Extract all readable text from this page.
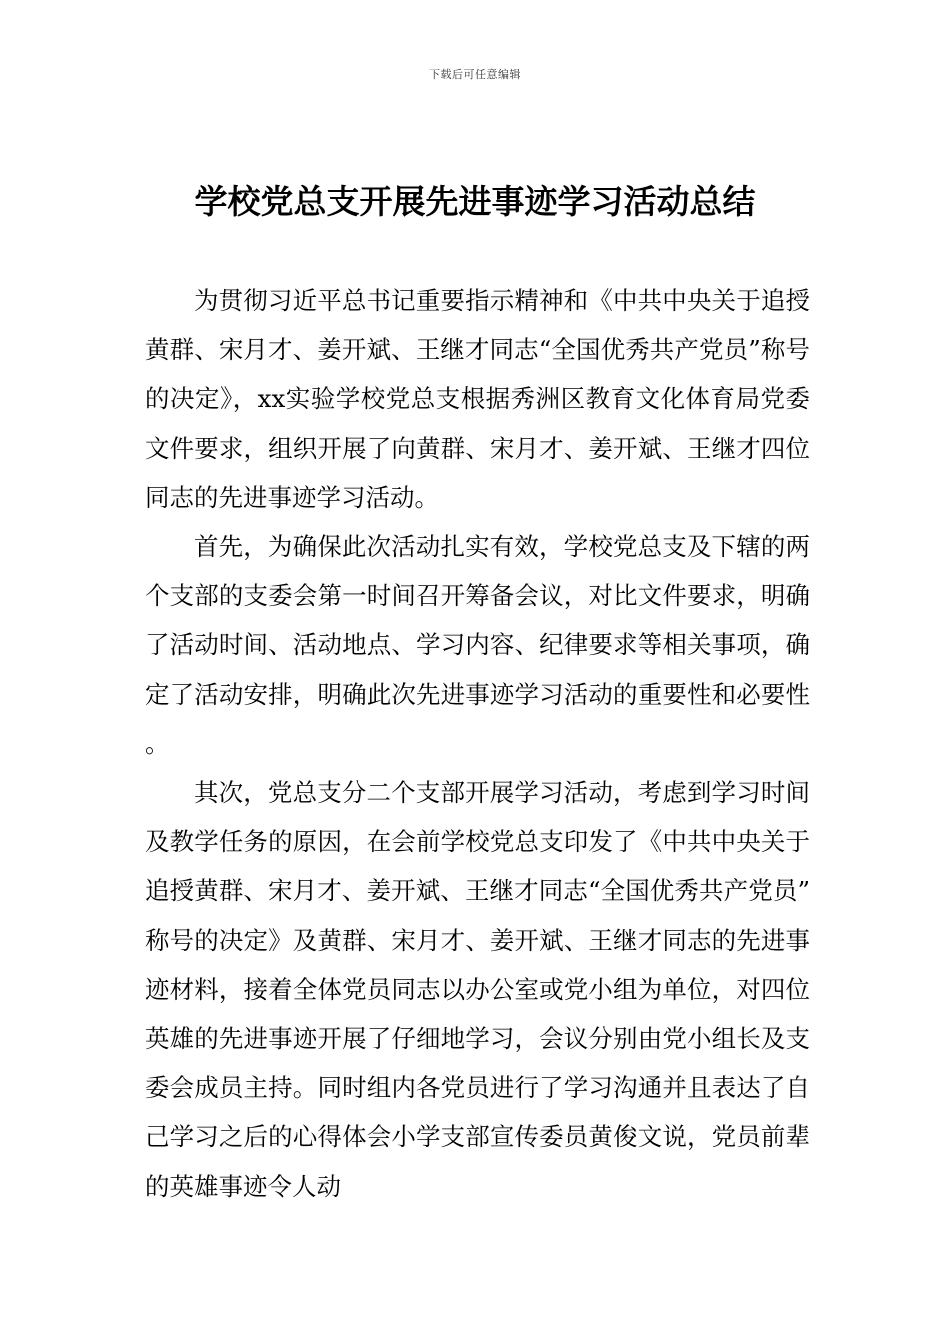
下载后可任意编辑
学校党总支开展先进事迹学习活动总结

为贯彻习近平总书记重要指示精神和《中共中央关于追授黄群、宋月才、姜开斌、王继才同志“全国优秀共产党员”称号的决定》，xx实验学校党总支根据秀洲区教育文化体育局党委文件要求，组织开展了向黄群、宋月才、姜开斌、王继才四位同志的先进事迹学习活动。

首先，为确保此次活动扎实有效，学校党总支及下辖的两个支部的支委会第一时间召开筹备会议，对比文件要求，明确了活动时间、活动地点、学习内容、纪律要求等相关事项，确定了活动安排，明确此次先进事迹学习活动的重要性和必要性。

其次，党总支分二个支部开展学习活动，考虑到学习时间及教学任务的原因，在会前学校党总支印发了《中共中央关于追授黄群、宋月才、姜开斌、王继才同志“全国优秀共产党员”称号的决定》及黄群、宋月才、姜开斌、王继才同志的先进事迹材料，接着全体党员同志以办公室或党小组为单位，对四位英雄的先进事迹开展了仔细地学习，会议分别由党小组长及支委会成员主持。同时组内各党员进行了学习沟通并且表达了自己学习之后的心得体会小学支部宣传委员黄俊文说，党员前辈的英雄事迹令人动
